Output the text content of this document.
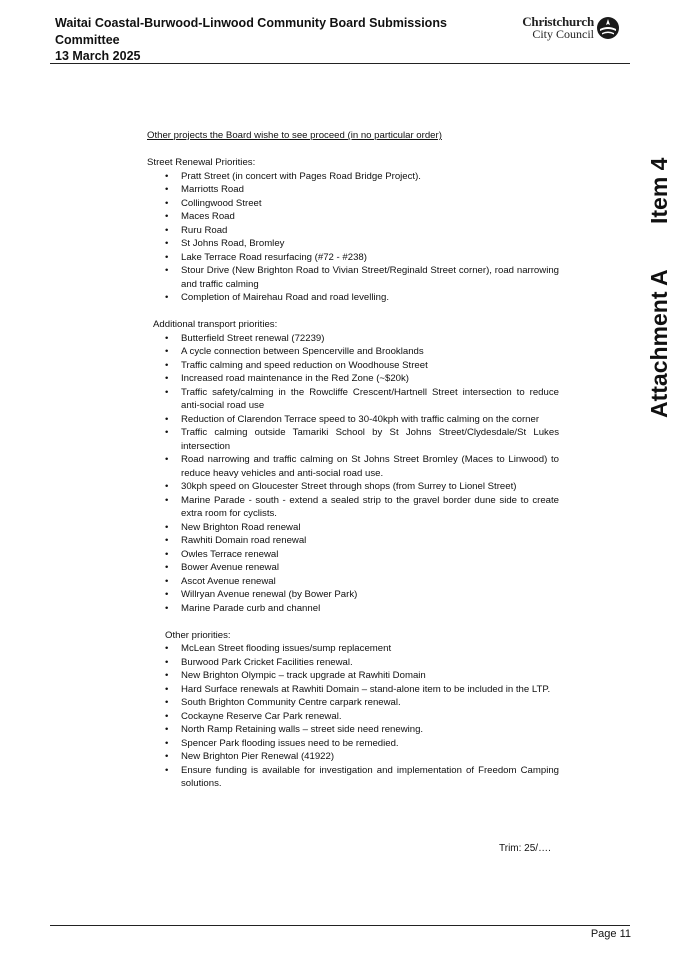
Waitai Coastal-Burwood-Linwood Community Board Submissions
Committee
13 March 2025
Christchurch
City Council
Item 4
Attachment A

Other projects the Board wishe to see proceed (in no particular order)

Street Renewal Priorities:

• Pratt Street (in concert with Pages Road Bridge Project).
• Marriotts Road
• Collingwood Street
• Maces Road
• Ruru Road
• St Johns Road, Bromley
• Lake Terrace Road resurfacing (#72 - #238)
• Stour Drive (New Brighton Road to Vivian Street/Reginald Street corner), road narrowing and traffic calming
• Completion of Mairehau Road and road levelling.

Additional transport priorities:

• Butterfield Street renewal (72239)
• A cycle connection between Spencerville and Brooklands
• Traffic calming and speed reduction on Woodhouse Street
• Increased road maintenance in the Red Zone (~$20k)
• Traffic safety/calming in the Rowcliffe Crescent/Hartnell Street intersection to reduce anti-social road use
• Reduction of Clarendon Terrace speed to 30-40kph with traffic calming on the corner
• Traffic calming outside Tamariki School by St Johns Street/Clydesdale/St Lukes intersection
• Road narrowing and traffic calming on St Johns Street Bromley (Maces to Linwood) to reduce heavy vehicles and anti-social road use.
• 30kph speed on Gloucester Street through shops (from Surrey to Lionel Street)
• Marine Parade - south - extend a sealed strip to the gravel border dune side to create extra room for cyclists.
• New Brighton Road renewal
• Rawhiti Domain road renewal
• Owles Terrace renewal
• Bower Avenue renewal
• Ascot Avenue renewal
• Willryan Avenue renewal (by Bower Park)
• Marine Parade curb and channel

Other priorities:

• McLean Street flooding issues/sump replacement
• Burwood Park Cricket Facilities renewal.
• New Brighton Olympic – track upgrade at Rawhiti Domain
• Hard Surface renewals at Rawhiti Domain – stand-alone item to be included in the LTP.
• South Brighton Community Centre carpark renewal.
• Cockayne Reserve Car Park renewal.
• North Ramp Retaining walls – street side need renewing.
• Spencer Park flooding issues need to be remedied.
• New Brighton Pier Renewal (41922)
• Ensure funding is available for investigation and implementation of Freedom Camping solutions.
Trim: 25/….
Page 11
